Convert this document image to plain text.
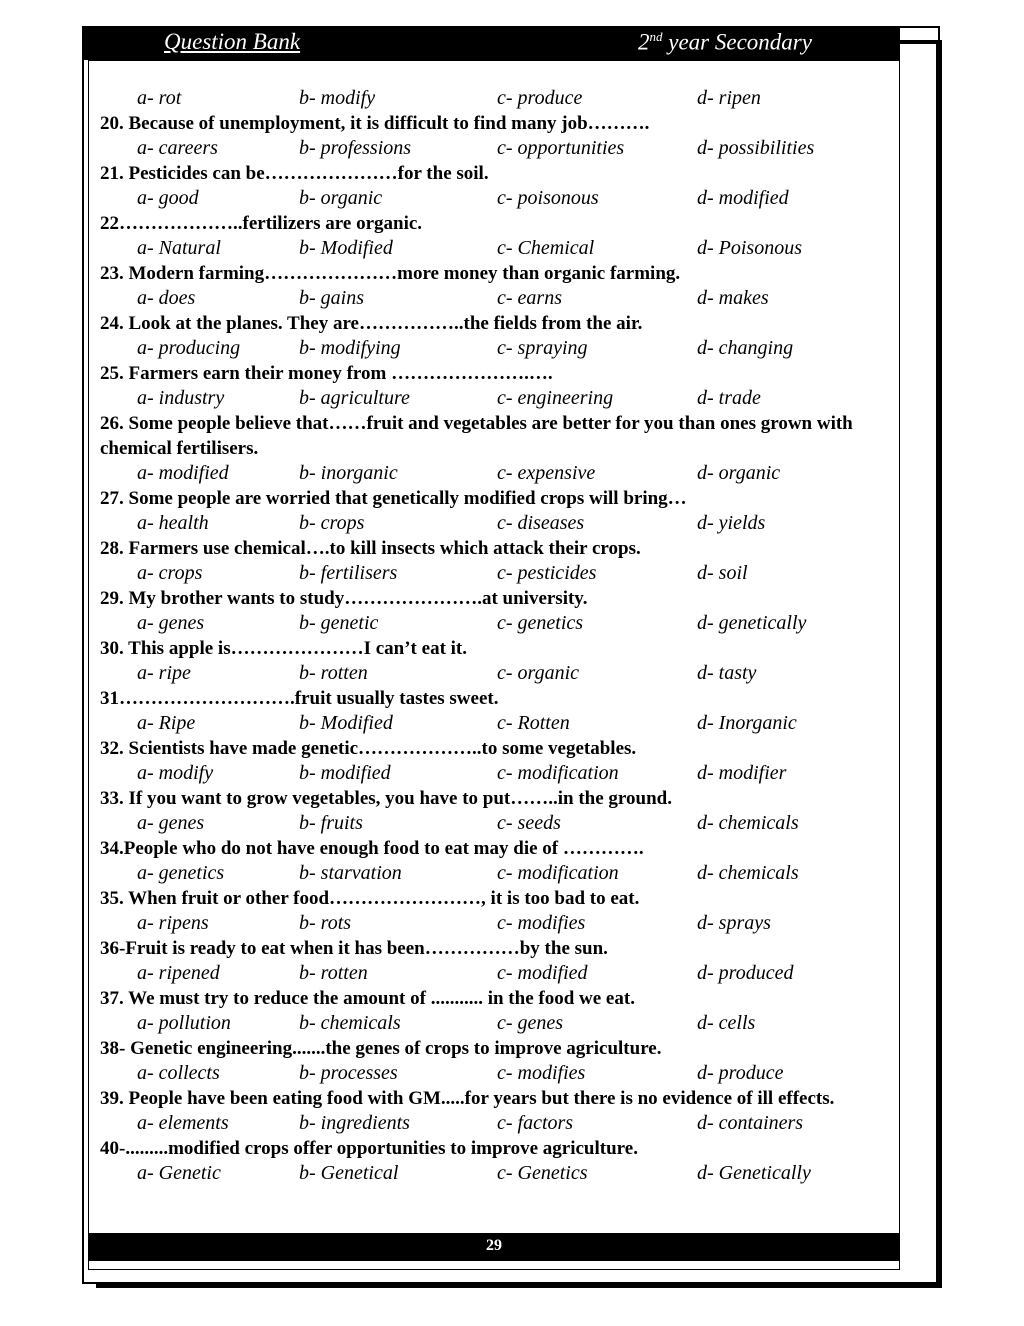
Question Bank	2nd year Secondary
a- rot	b- modify	c- produce	d- ripen
20. Because of unemployment, it is difficult to find many job……….
a- careers	b- professions	c- opportunities	d- possibilities
21. Pesticides can be…………………for the soil.
a- good	b- organic	c- poisonous	d- modified
22………………..fertilizers are organic.
a- Natural	b- Modified	c- Chemical	d- Poisonous
23. Modern farming…………………more money than organic farming.
a- does	b- gains	c- earns	d- makes
24. Look at the planes. They are……………..the fields from the air.
a- producing	b- modifying	c- spraying	d- changing
25. Farmers earn their money from ………………….….
a- industry	b- agriculture	c- engineering	d- trade
26. Some people believe that……fruit and vegetables are better for you than ones grown with chemical fertilisers.
a- modified	b- inorganic	c- expensive	d- organic
27. Some people are worried that genetically modified crops will bring…
a- health	b- crops	c- diseases	d- yields
28. Farmers use chemical….to kill insects which attack their crops.
a- crops	b- fertilisers	c- pesticides	d- soil
29. My brother wants to study………………….at university.
a- genes	b- genetic	c- genetics	d- genetically
30. This apple is…………………I can’t eat it.
a- ripe	b- rotten	c- organic	d- tasty
31……………………….fruit usually tastes sweet.
a- Ripe	b- Modified	c- Rotten	d- Inorganic
32. Scientists have made genetic………………..to some vegetables.
a- modify	b- modified	c- modification	d- modifier
33. If you want to grow vegetables, you have to put……..in the ground.
a- genes	b- fruits	c- seeds	d- chemicals
34.People who do not have enough food to eat may die of ………….
a- genetics	b- starvation	c- modification	d- chemicals
35. When fruit or other food……………………, it is too bad to eat.
a- ripens	b- rots	c- modifies	d- sprays
36-Fruit is ready to eat when it has been……………by the sun.
a- ripened	b- rotten	c- modified	d- produced
37. We must try to reduce the amount of ........... in the food we eat.
a- pollution	b- chemicals	c- genes	d- cells
38- Genetic engineering.......the genes of crops to improve agriculture.
a- collects	b- processes	c- modifies	d- produce
39. People have been eating food with GM.....for years but there is no evidence of ill effects.
a- elements	b- ingredients	c- factors	d- containers
40-.........modified crops offer opportunities to improve agriculture.
a- Genetic	b- Genetical	c- Genetics	d- Genetically
29
